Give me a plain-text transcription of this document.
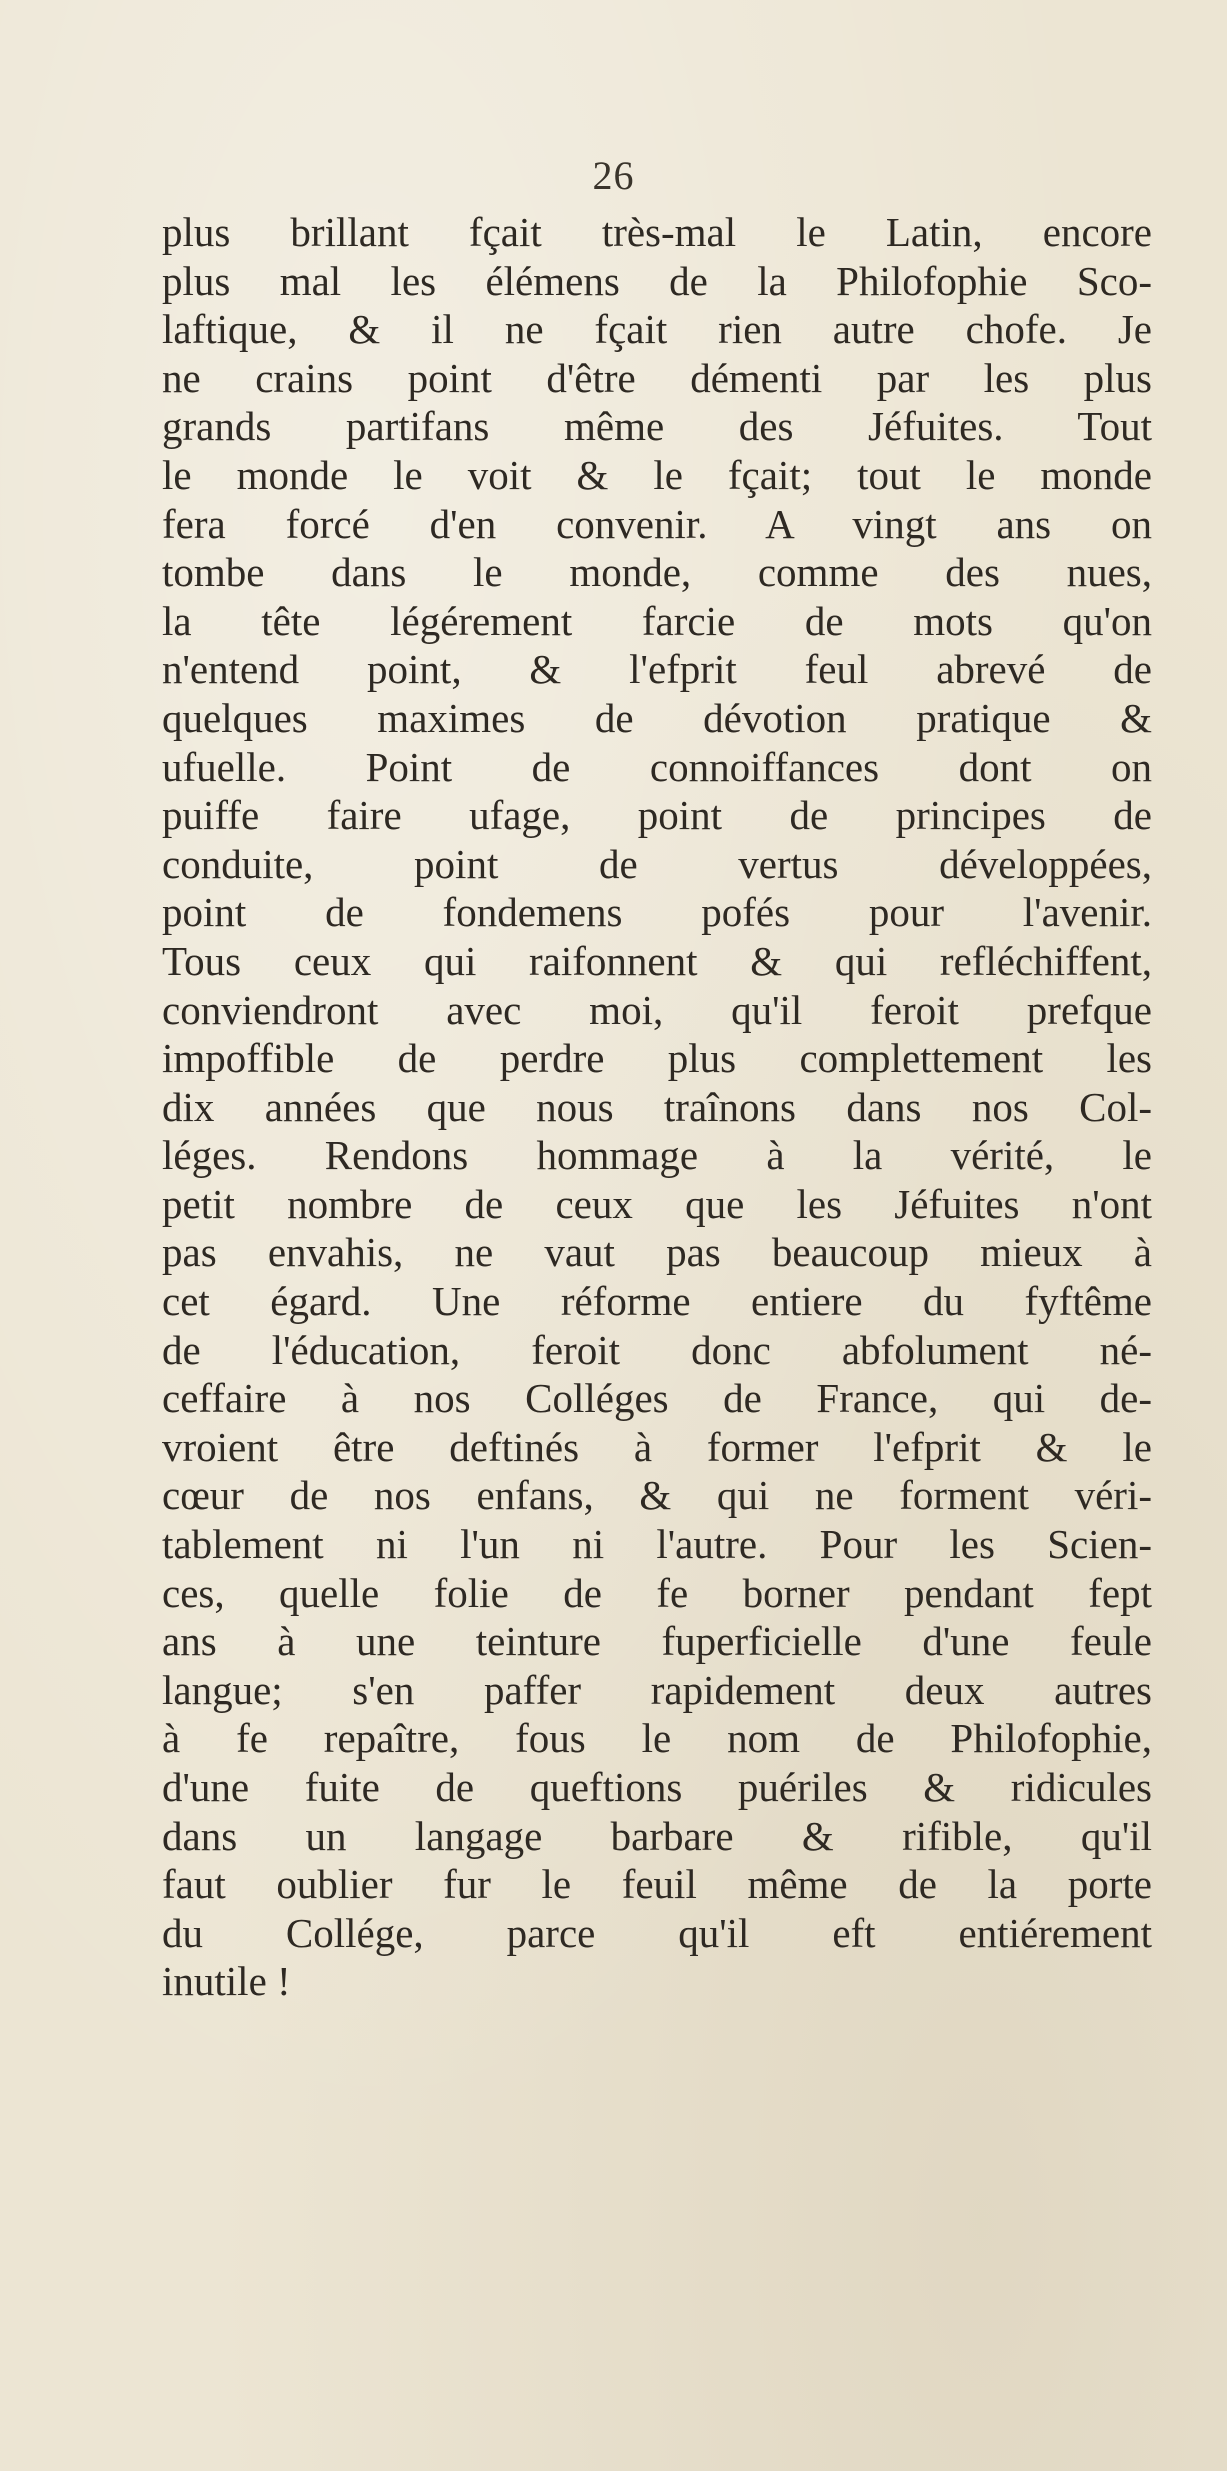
26
plus brillant fçait très-mal le Latin, encore
plus mal les élémens de la Philofophie Sco-
laftique, & il ne fçait rien autre chofe. Je
ne crains point d'être démenti par les plus
grands partifans même des Jéfuites. Tout
le monde le voit & le fçait; tout le monde
fera forcé d'en convenir. A vingt ans on
tombe dans le monde, comme des nues,
la tête légérement farcie de mots qu'on
n'entend point, & l'efprit feul abrevé de
quelques maximes de dévotion pratique &
ufuelle. Point de connoiffances dont on
puiffe faire ufage, point de principes de
conduite, point de vertus développées,
point de fondemens pofés pour l'avenir.
Tous ceux qui raifonnent & qui refléchiffent,
conviendront avec moi, qu'il feroit prefque
impoffible de perdre plus complettement les
dix années que nous traînons dans nos Col-
léges. Rendons hommage à la vérité, le
petit nombre de ceux que les Jéfuites n'ont
pas envahis, ne vaut pas beaucoup mieux à
cet égard. Une réforme entiere du fyftême
de l'éducation, feroit donc abfolument né-
ceffaire à nos Colléges de France, qui de-
vroient être deftinés à former l'efprit & le
cœur de nos enfans, & qui ne forment véri-
tablement ni l'un ni l'autre. Pour les Scien-
ces, quelle folie de fe borner pendant fept
ans à une teinture fuperficielle d'une feule
langue; s'en paffer rapidement deux autres
à fe repaître, fous le nom de Philofophie,
d'une fuite de queftions puériles & ridicules
dans un langage barbare & rifible, qu'il
faut oublier fur le feuil même de la porte
du Collége, parce qu'il eft entiérement
inutile !
